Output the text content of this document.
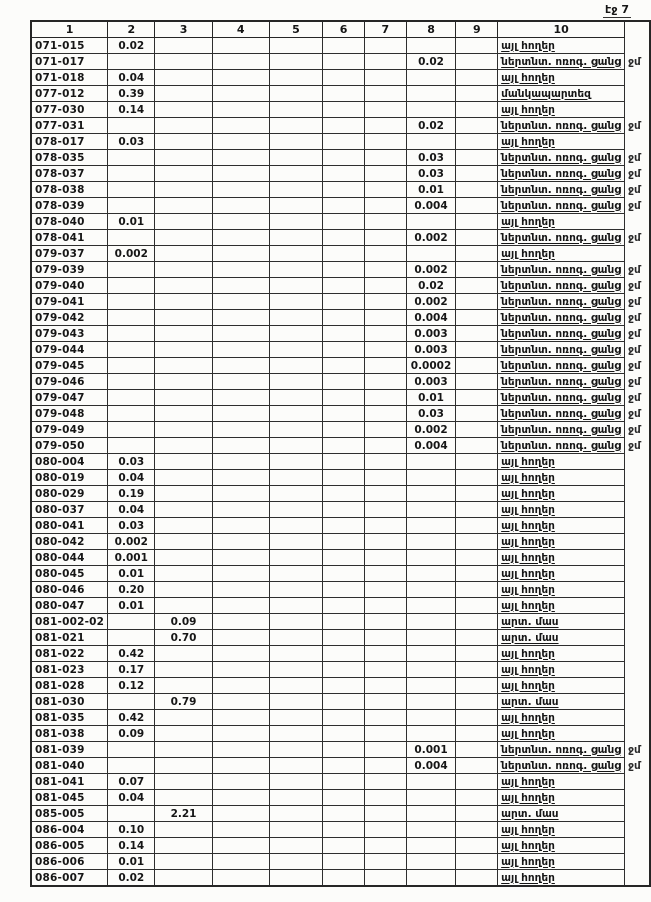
էջ 7
1	2	3	4	5	6	7	8	9	10	
071-015	0.02								այլ հողեր	
071-017							0.02		ներտնտ. ոռոգ. ցանց	ջմ
071-018	0.04								այլ հողեր	
077-012	0.39								մանկապարտեզ	
077-030	0.14								այլ հողեր	
077-031							0.02		ներտնտ. ոռոգ. ցանց	ջմ
078-017	0.03								այլ հողեր	
078-035							0.03		ներտնտ. ոռոգ. ցանց	ջմ
078-037							0.03		ներտնտ. ոռոգ. ցանց	ջմ
078-038							0.01		ներտնտ. ոռոգ. ցանց	ջմ
078-039							0.004		ներտնտ. ոռոգ. ցանց	ջմ
078-040	0.01								այլ հողեր	
078-041							0.002		ներտնտ. ոռոգ. ցանց	ջմ
079-037	0.002								այլ հողեր	
079-039							0.002		ներտնտ. ոռոգ. ցանց	ջմ
079-040							0.02		ներտնտ. ոռոգ. ցանց	ջմ
079-041							0.002		ներտնտ. ոռոգ. ցանց	ջմ
079-042							0.004		ներտնտ. ոռոգ. ցանց	ջմ
079-043							0.003		ներտնտ. ոռոգ. ցանց	ջմ
079-044							0.003		ներտնտ. ոռոգ. ցանց	ջմ
079-045							0.0002		ներտնտ. ոռոգ. ցանց	ջմ
079-046							0.003		ներտնտ. ոռոգ. ցանց	ջմ
079-047							0.01		ներտնտ. ոռոգ. ցանց	ջմ
079-048							0.03		ներտնտ. ոռոգ. ցանց	ջմ
079-049							0.002		ներտնտ. ոռոգ. ցանց	ջմ
079-050							0.004		ներտնտ. ոռոգ. ցանց	ջմ
080-004	0.03								այլ հողեր	
080-019	0.04								այլ հողեր	
080-029	0.19								այլ հողեր	
080-037	0.04								այլ հողեր	
080-041	0.03								այլ հողեր	
080-042	0.002								այլ հողեր	
080-044	0.001								այլ հողեր	
080-045	0.01								այլ հողեր	
080-046	0.20								այլ հողեր	
080-047	0.01								այլ հողեր	
081-002-02		0.09							արտ. մաս	
081-021		0.70							արտ. մաս	
081-022	0.42								այլ հողեր	
081-023	0.17								այլ հողեր	
081-028	0.12								այլ հողեր	
081-030		0.79							արտ. մաս	
081-035	0.42								այլ հողեր	
081-038	0.09								այլ հողեր	
081-039							0.001		ներտնտ. ոռոգ. ցանց	ջմ
081-040							0.004		ներտնտ. ոռոգ. ցանց	ջմ
081-041	0.07								այլ հողեր	
081-045	0.04								այլ հողեր	
085-005		2.21							արտ. մաս	
086-004	0.10								այլ հողեր	
086-005	0.14								այլ հողեր	
086-006	0.01								այլ հողեր	
086-007	0.02								այլ հողեր	
